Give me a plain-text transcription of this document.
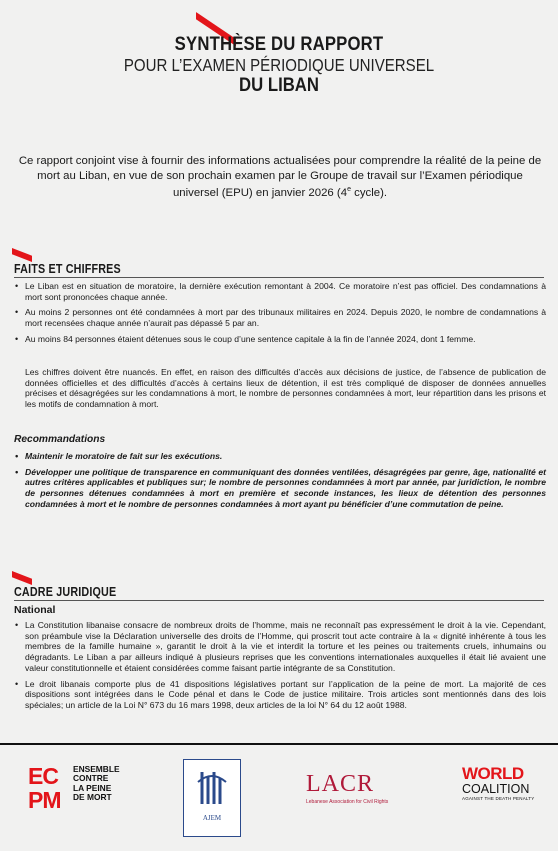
SYNTHÈSE DU RAPPORT
POUR L’EXAMEN PÉRIODIQUE UNIVERSEL
DU LIBAN
Ce rapport conjoint vise à fournir des informations actualisées pour comprendre la réalité de la peine de mort au Liban, en vue de son prochain examen par le Groupe de travail sur l’Examen périodique universel (EPU) en janvier 2026 (4e cycle).
FAITS ET CHIFFRES
• Le Liban est en situation de moratoire, la dernière exécution remontant à 2004. Ce moratoire n’est pas officiel. Des condamnations à mort sont prononcées chaque année.
• Au moins 2 personnes ont été condamnées à mort par des tribunaux militaires en 2024. Depuis 2020, le nombre de condamnations à mort recensées chaque année n’aurait pas dépassé 5 par an.
• Au moins 84 personnes étaient détenues sous le coup d’une sentence capitale à la fin de l’année 2024, dont 1 femme.
Les chiffres doivent être nuancés. En effet, en raison des difficultés d’accès aux décisions de justice, de l’absence de publication de données officielles et des difficultés d’accès à certains lieux de détention, il est très compliqué de disposer de données annuelles précises et désagrégées sur les condamnations à mort, le nombre de personnes condamnées à mort, leur répartition dans les prisons et les motifs de condamnation à mort.
Recommandations
• Maintenir le moratoire de fait sur les exécutions.
• Développer une politique de transparence en communiquant des données ventilées, désagrégées par genre, âge, nationalité et autres critères applicables et publiques sur; le nombre de personnes condamnées à mort par année, par juridiction, le nombre de personnes détenues condamnées à mort en première et seconde instances, les lieux de détention des personnes condamnées à mort et le nombre de personnes condamnées à mort ayant pu bénéficier d’une commutation de peine.
CADRE JURIDIQUE
National
• La Constitution libanaise consacre de nombreux droits de l’homme, mais ne reconnaît pas expressément le droit à la vie. Cependant, son préambule vise la Déclaration universelle des droits de l’Homme, qui proscrit tout acte contraire à la « dignité inhérente à tous les membres de la famille humaine », garantit le droit à la vie et interdit la torture et les peines ou traitements cruels, inhumains ou dégradants. Le Liban a par ailleurs indiqué à plusieurs reprises que les conventions internationales auxquelles il était lié avaient une valeur constitutionnelle et étaient considérées comme faisant partie intégrante de sa Constitution.
• Le droit libanais comporte plus de 41 dispositions législatives portant sur l’application de la peine de mort. La majorité de ces dispositions sont intégrées dans le Code pénal et dans le Code de justice militaire. Trois articles sont mentionnés dans des lois spéciales; un article de la Loi N° 673 du 16 mars 1998, deux articles de la loi N° 64 du 12 août 1988.
EC
PM
ENSEMBLE
CONTRE
LA PEINE
DE MORT
AJEM
LACR
Lebanese Association for Civil Rights
WORLD
COALITION
AGAINST THE DEATH PENALTY
